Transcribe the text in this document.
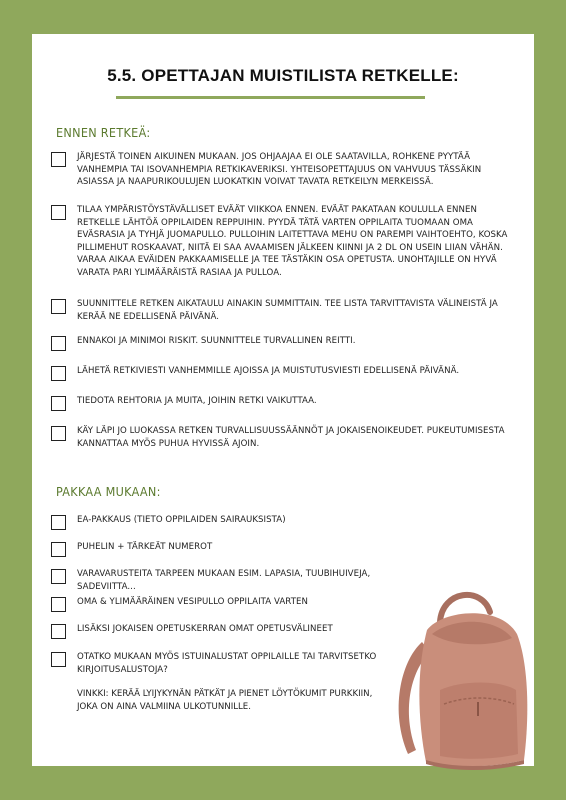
5.5. OPETTAJAN MUISTILISTA RETKELLE:
ENNEN RETKEÄ:
JÄRJESTÄ TOINEN AIKUINEN MUKAAN. JOS OHJAAJAA EI OLE SAATAVILLA, ROHKENE PYYTÄÄ VANHEMPIA TAI ISOVANHEMPIA RETKIKAVERIKSI. YHTEISOPETTAJUUS ON VAHVUUS TÄSSÄKIN ASIASSA JA NAAPURIKOULUJEN LUOKATKIN VOIVAT TAVATA RETKEILYN MERKEISSÄ.
TILAA YMPÄRISTÖYSTÄVÄLLISET EVÄÄT VIIKKOA ENNEN. EVÄÄT PAKATAAN KOULULLA ENNEN RETKELLE LÄHTÖÄ OPPILAIDEN REPPUIHIN. PYYDÄ TÄTÄ VARTEN OPPILAITA TUOMAAN OMA EVÄSRASIA JA TYHJÄ JUOMAPULLO. PULLOIHIN LAITETTAVA MEHU ON PAREMPI VAIHTOEHTO, KOSKA PILLIMEHUT ROSKAAVAT, NIITÄ EI SAA AVAAMISEN JÄLKEEN KIINNI JA 2 DL ON USEIN LIIAN VÄHÄN. VARAA AIKAA EVÄIDEN PAKKAAMISELLE JA TEE TÄSTÄKIN OSA OPETUSTA. UNOHTAJILLE ON HYVÄ VARATA PARI YLIMÄÄRÄISTÄ RASIAA JA PULLOA.
SUUNNITTELE RETKEN AIKATAULU AINAKIN SUMMITTAIN. TEE LISTA TARVITTAVISTA VÄLINEISTÄ JA KERÄÄ NE EDELLISENÄ PÄIVÄNÄ.
ENNAKOI JA MINIMOI RISKIT. SUUNNITTELE TURVALLINEN REITTI.
LÄHETÄ RETKIVIESTI VANHEMMILLE AJOISSA JA MUISTUTUSVIESTI EDELLISENÄ PÄIVÄNÄ.
TIEDOTA REHTORIA JA MUITA, JOIHIN RETKI VAIKUTTAA.
KÄY LÄPI JO LUOKASSA RETKEN TURVALLISUUSSÄÄNNÖT JA JOKAISENOIKEUDET. PUKEUTUMISESTA KANNATTAA MYÖS PUHUA HYVISSÄ AJOIN.
PAKKAA MUKAAN:
EA-PAKKAUS (TIETO OPPILAIDEN SAIRAUKSISTA)
PUHELIN + TÄRKEÄT NUMEROT
VARAVARUSTEITA TARPEEN MUKAAN ESIM. LAPASIA, TUUBIHUIVEJA, SADEVIITTA...
OMA & YLIMÄÄRÄINEN VESIPULLO OPPILAITA VARTEN
LISÄKSI JOKAISEN OPETUSKERRAN OMAT OPETUSVÄLINEET
OTATKO MUKAAN MYÖS ISTUINALUSTAT OPPILAILLE TAI TARVITSETKO KIRJOITUSALUSTOJA?
VINKKI: KERÄÄ LYIJYKYNÄN PÄTKÄT JA PIENET LÖYTÖKUMIT PURKKIIN, JOKA ON AINA VALMIINA ULKOTUNNILLE.
